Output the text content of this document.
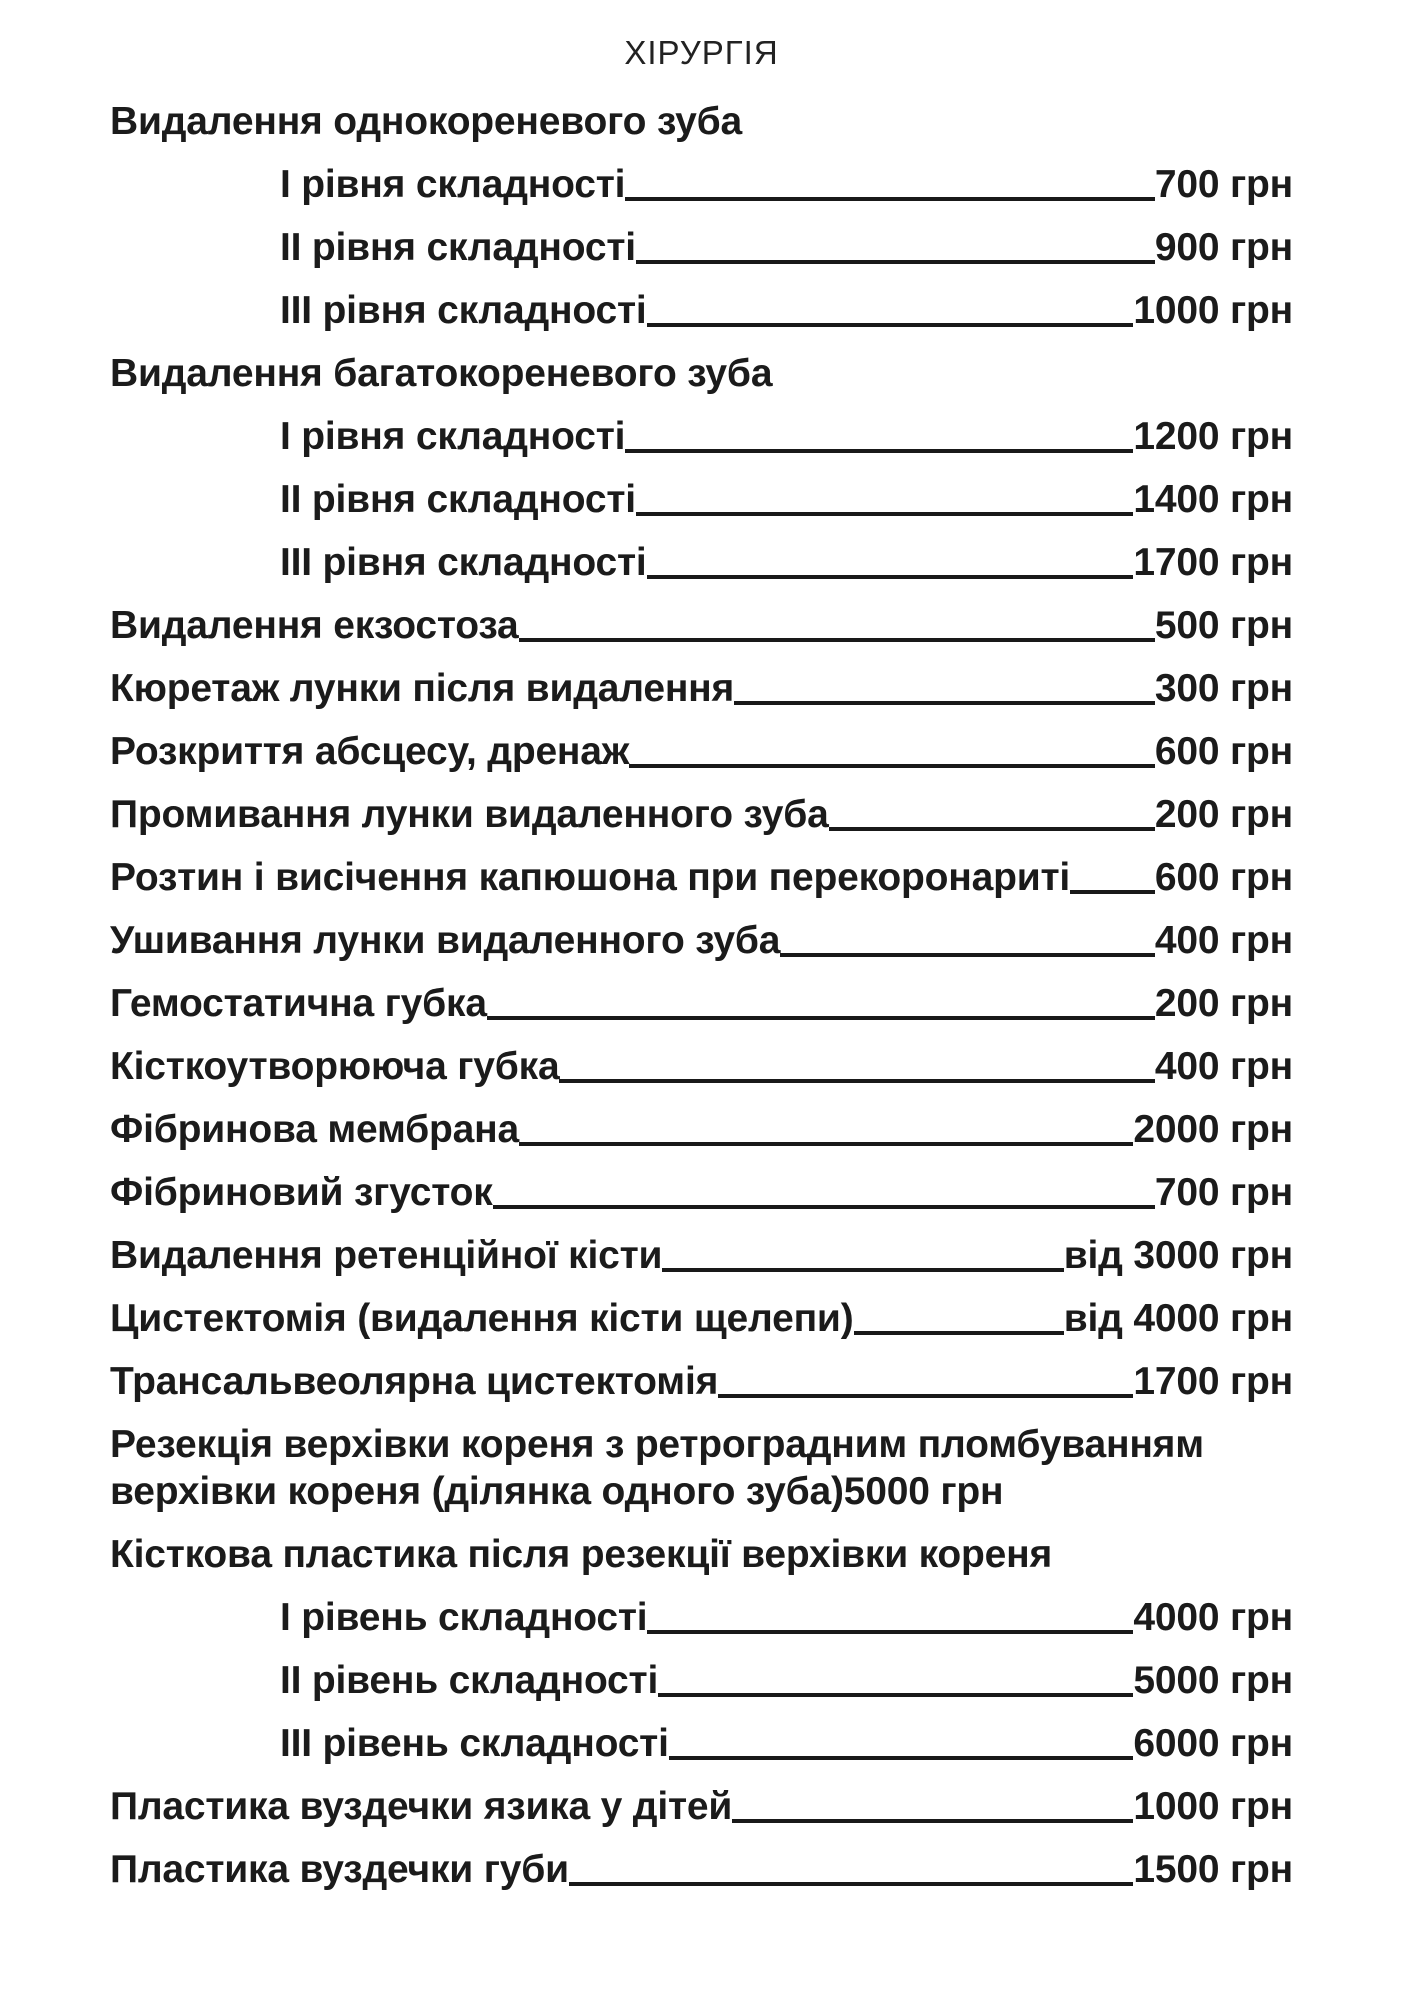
ХІРУРГІЯ
Видалення однокореневого зуба
І рівня складності	700 грн
ІІ рівня складності	900 грн
ІІІ рівня складності	1000 грн
Видалення багатокореневого зуба
І рівня складності	1200 грн
ІІ рівня складності	1400 грн
ІІІ рівня складності	1700 грн
Видалення екзостоза	500 грн
Кюретаж лунки після видалення	300 грн
Розкриття абсцесу, дренаж	600 грн
Промивання лунки видаленного зуба	200 грн
Розтин і висічення капюшона при перекоронариті 600 грн
Ушивання лунки видаленного зуба	400 грн
Гемостатична губка	200 грн
Кісткоутворююча губка	400 грн
Фібринова мембрана	2000 грн
Фібриновий згусток	700 грн
Видалення ретенційної кісти	від 3000 грн
Цистектомія (видалення кісти щелепи)	від 4000 грн
Трансальвеолярна цистектомія	1700 грн
Резекція верхівки кореня з ретроградним пломбуванням
верхівки кореня (ділянка одного зуба) 5000 грн
Кісткова пластика після резекції верхівки кореня
І рівень складності	4000 грн
ІІ рівень складності	5000 грн
ІІІ рівень складності	6000 грн
Пластика вуздечки язика у дітей	1000 грн
Пластика вуздечки губи	1500 грн
